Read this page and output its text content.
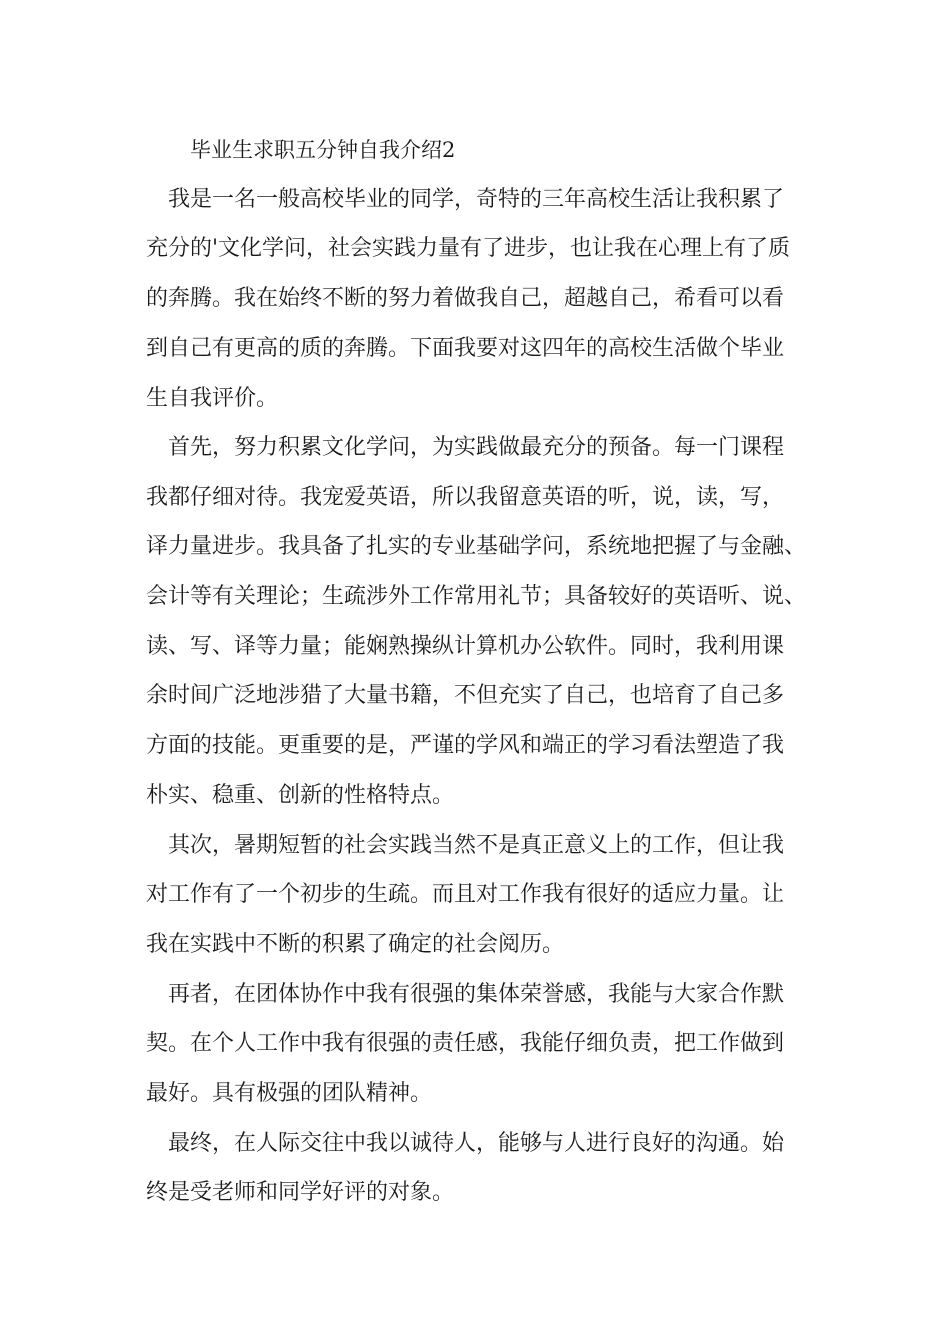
毕业生求职五分钟自我介绍2
　我是一名一般高校毕业的同学，奇特的三年高校生活让我积累了
充分的'文化学问，社会实践力量有了进步，也让我在心理上有了质
的奔腾。我在始终不断的努力着做我自己，超越自己，希看可以看
到自己有更高的质的奔腾。下面我要对这四年的高校生活做个毕业
生自我评价。
　首先，努力积累文化学问，为实践做最充分的预备。每一门课程
我都仔细对待。我宠爱英语，所以我留意英语的听，说，读，写，
译力量进步。我具备了扎实的专业基础学问，系统地把握了与金融、
会计等有关理论；生疏涉外工作常用礼节；具备较好的英语听、说、
读、写、译等力量；能娴熟操纵计算机办公软件。同时，我利用课
余时间广泛地涉猎了大量书籍，不但充实了自己，也培育了自己多
方面的技能。更重要的是，严谨的学风和端正的学习看法塑造了我
朴实、稳重、创新的性格特点。
　其次，暑期短暂的社会实践当然不是真正意义上的工作，但让我
对工作有了一个初步的生疏。而且对工作我有很好的适应力量。让
我在实践中不断的积累了确定的社会阅历。
　再者，在团体协作中我有很强的集体荣誉感，我能与大家合作默
契。在个人工作中我有很强的责任感，我能仔细负责，把工作做到
最好。具有极强的团队精神。
　最终，在人际交往中我以诚待人，能够与人进行良好的沟通。始
终是受老师和同学好评的对象。
